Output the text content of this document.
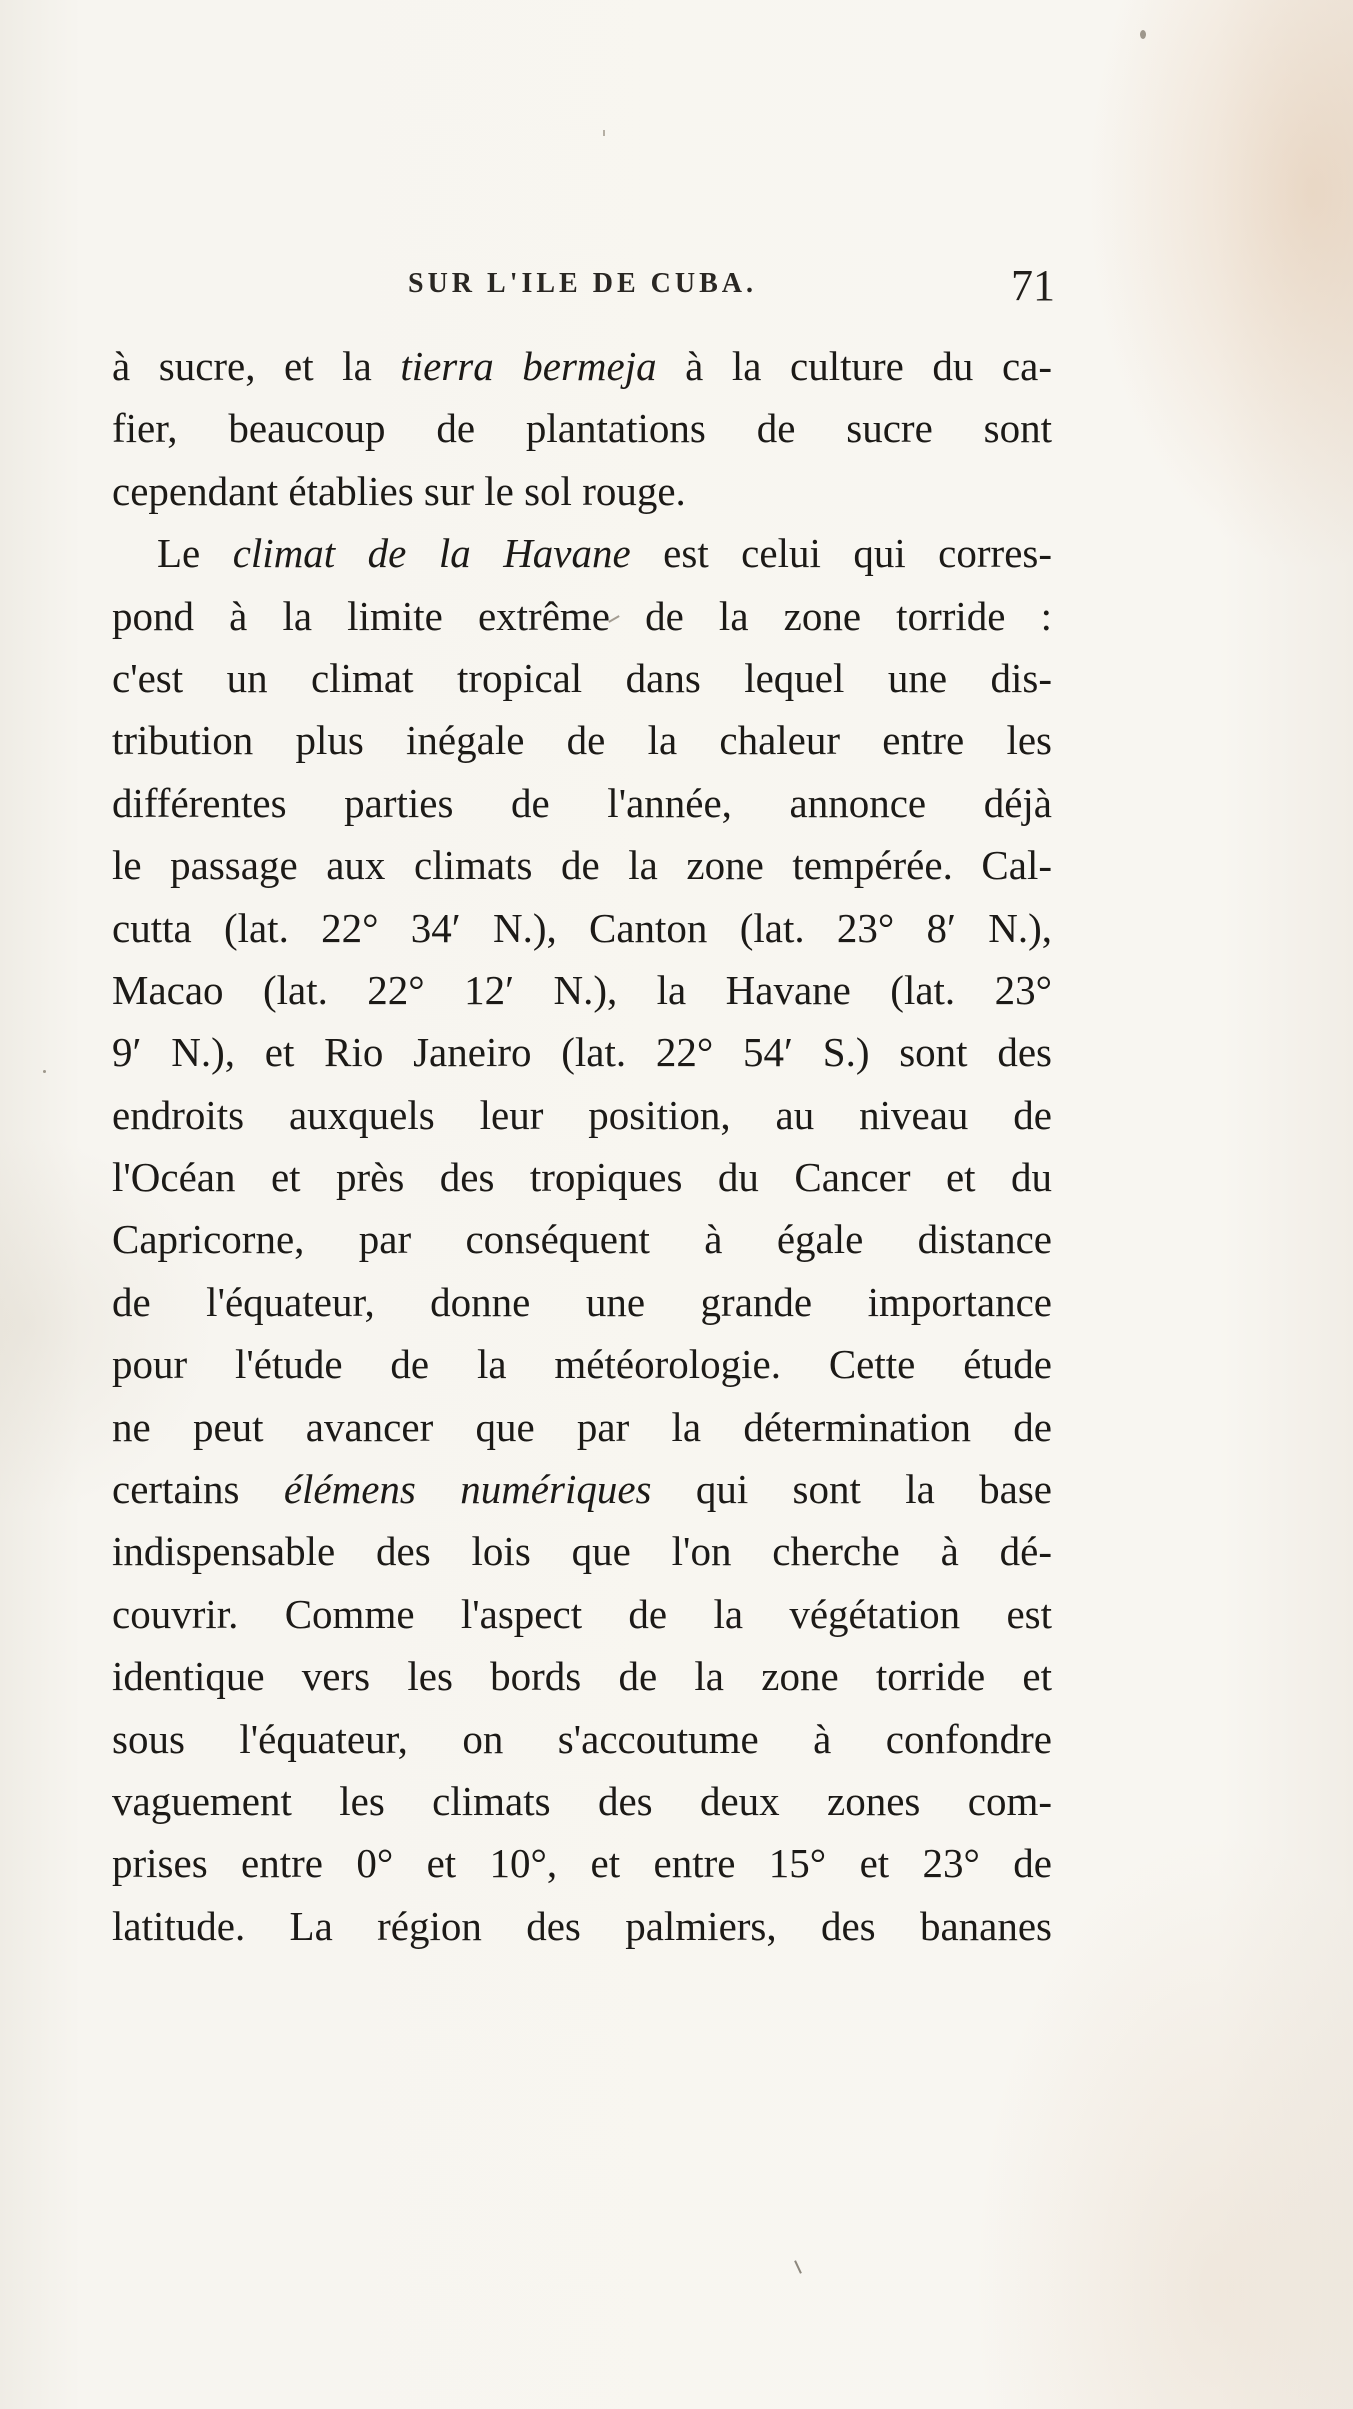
SUR L'ILE DE CUBA.	71
à sucre, et la tierra bermeja à la culture du ca-
fier, beaucoup de plantations de sucre sont
cependant établies sur le sol rouge.
Le climat de la Havane est celui qui corres-
pond à la limite extrême de la zone torride :
c'est un climat tropical dans lequel une dis-
tribution plus inégale de la chaleur entre les
différentes parties de l'année, annonce déjà
le passage aux climats de la zone tempérée. Cal-
cutta (lat. 22° 34′ N.), Canton (lat. 23° 8′ N.),
Macao (lat. 22° 12′ N.), la Havane (lat. 23°
9′ N.), et Rio Janeiro (lat. 22° 54′ S.) sont des
endroits auxquels leur position, au niveau de
l'Océan et près des tropiques du Cancer et du
Capricorne, par conséquent à égale distance
de l'équateur, donne une grande importance
pour l'étude de la météorologie. Cette étude
ne peut avancer que par la détermination de
certains élémens numériques qui sont la base
indispensable des lois que l'on cherche à dé-
couvrir. Comme l'aspect de la végétation est
identique vers les bords de la zone torride et
sous l'équateur, on s'accoutume à confondre
vaguement les climats des deux zones com-
prises entre 0° et 10°, et entre 15° et 23° de
latitude. La région des palmiers, des bananes
